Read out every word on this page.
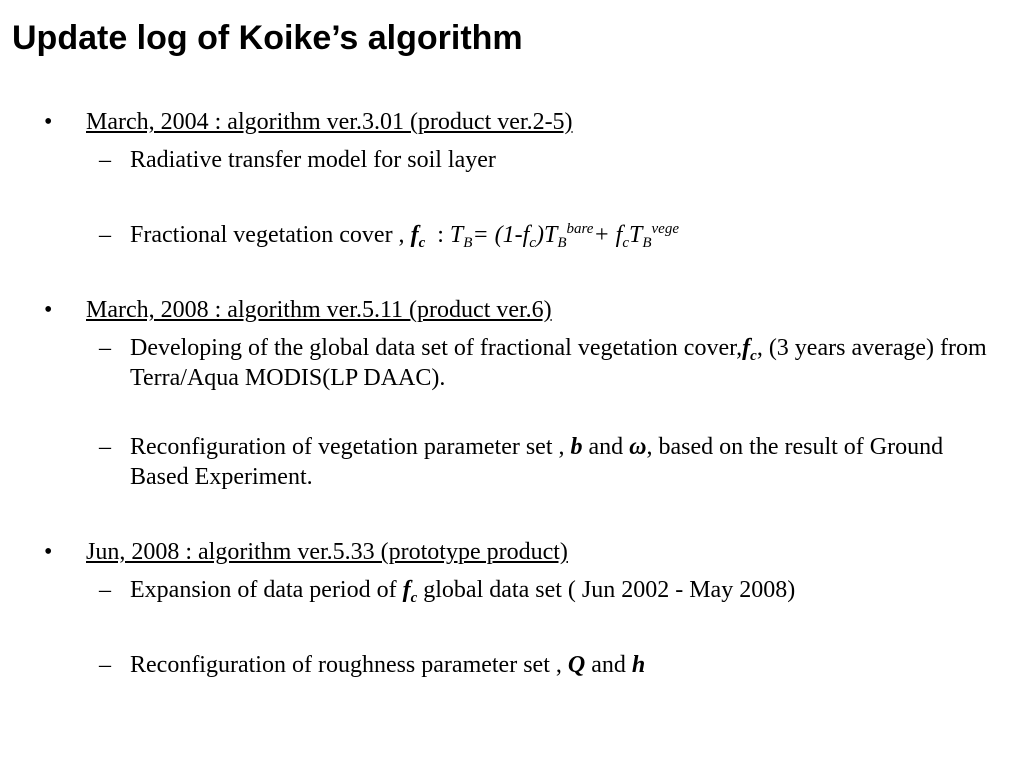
Update log of Koike’s algorithm
• March, 2004 : algorithm ver.3.01 (product ver.2-5)
– Radiative transfer model for soil layer
– Fractional vegetation cover , $f_c$ : $T_B= (1-f_c)T_B^{bare}+ f_cT_B^{vege}$
• March, 2008 : algorithm ver.5.11 (product ver.6)
– Developing of the global data set of fractional vegetation $cover,f_c$, (3 years average) from Terra/Aqua MODIS(LP DAAC).
– Reconfiguration of vegetation parameter set , b and ω, based on the result of Ground Based Experiment.
• Jun, 2008 : algorithm ver.5.33 (prototype product)
– Expansion of data period of $f_c$ global data set ( Jun 2002 - May 2008)
– Reconfiguration of roughness parameter set , Q and h
